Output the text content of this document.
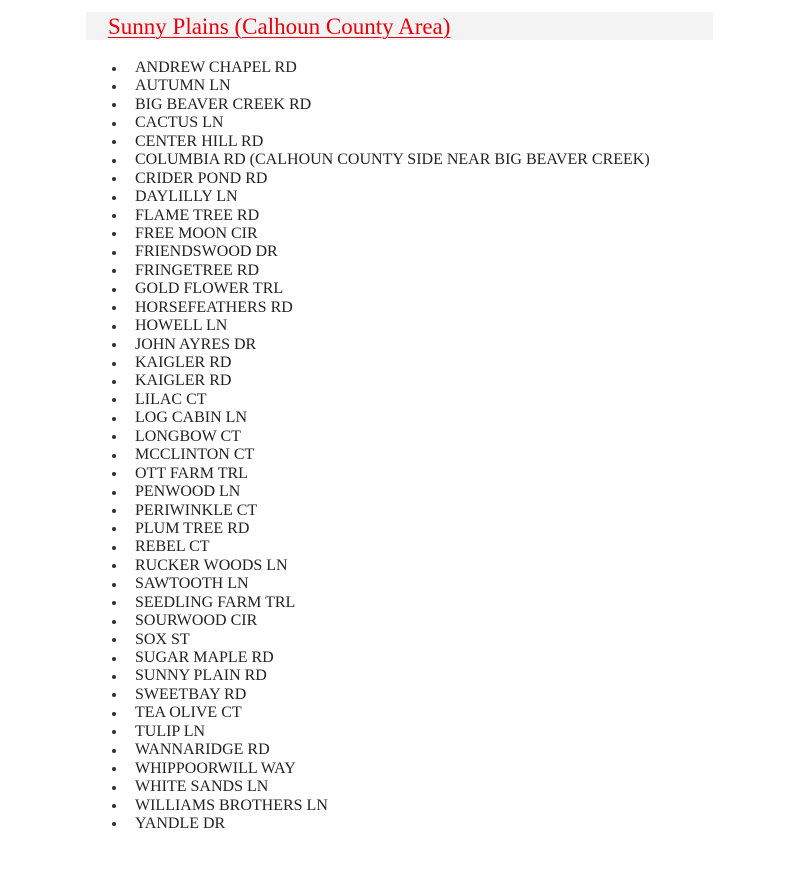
Sunny Plains (Calhoun County Area)
ANDREW CHAPEL RD
AUTUMN LN
BIG BEAVER CREEK RD
CACTUS LN
CENTER HILL RD
COLUMBIA RD (CALHOUN COUNTY SIDE NEAR BIG BEAVER CREEK)
CRIDER POND RD
DAYLILLY LN
FLAME TREE RD
FREE MOON CIR
FRIENDSWOOD DR
FRINGETREE RD
GOLD FLOWER TRL
HORSEFEATHERS RD
HOWELL LN
JOHN AYRES DR
KAIGLER RD
KAIGLER RD
LILAC CT
LOG CABIN LN
LONGBOW CT
MCCLINTON CT
OTT FARM TRL
PENWOOD LN
PERIWINKLE CT
PLUM TREE RD
REBEL CT
RUCKER WOODS LN
SAWTOOTH LN
SEEDLING FARM TRL
SOURWOOD CIR
SOX ST
SUGAR MAPLE RD
SUNNY PLAIN RD
SWEETBAY RD
TEA OLIVE CT
TULIP LN
WANNARIDGE RD
WHIPPOORWILL WAY
WHITE SANDS LN
WILLIAMS BROTHERS LN
YANDLE DR
